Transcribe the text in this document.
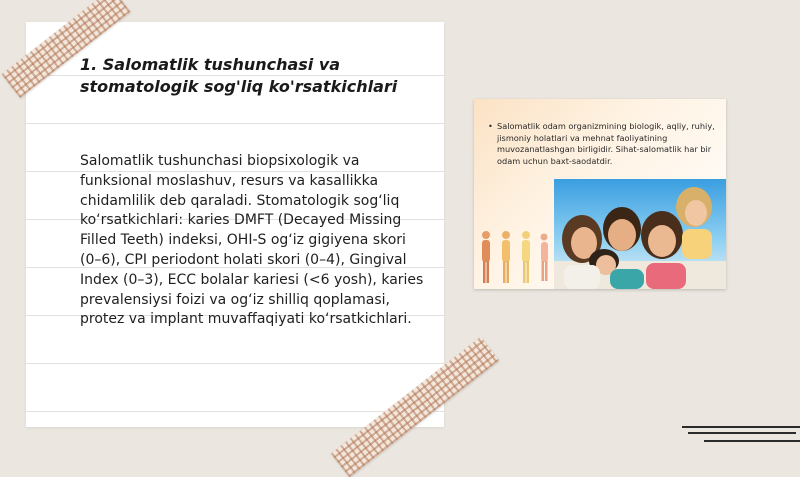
1. Salomatlik tushunchasi va stomatologik sog'liq ko'rsatkichlari

Salomatlik tushunchasi biopsixologik va funksional moslashuv, resurs va kasallikka chidamlilik deb qaraladi. Stomatologik sog‘liq ko‘rsatkichlari: karies DMFT (Decayed Missing Filled Teeth) indeksi, OHI-S og‘iz gigiyena skori (0–6), CPI periodont holati skori (0–4), Gingival Index (0–3), ECC bolalar kariesi (<6 yosh), karies prevalensiysi foizi va og‘iz shilliq qoplamasi, protez va implant muvaffaqiyati ko‘rsatkichlari.

• Salomatlik odam organizmining biologik, aqliy, ruhiy, jismoniy holatlari va mehnat faoliyatining muvozanatlashgan birligidir. Sihat-salomatlik har bir odam uchun baxt-saodatdir.
